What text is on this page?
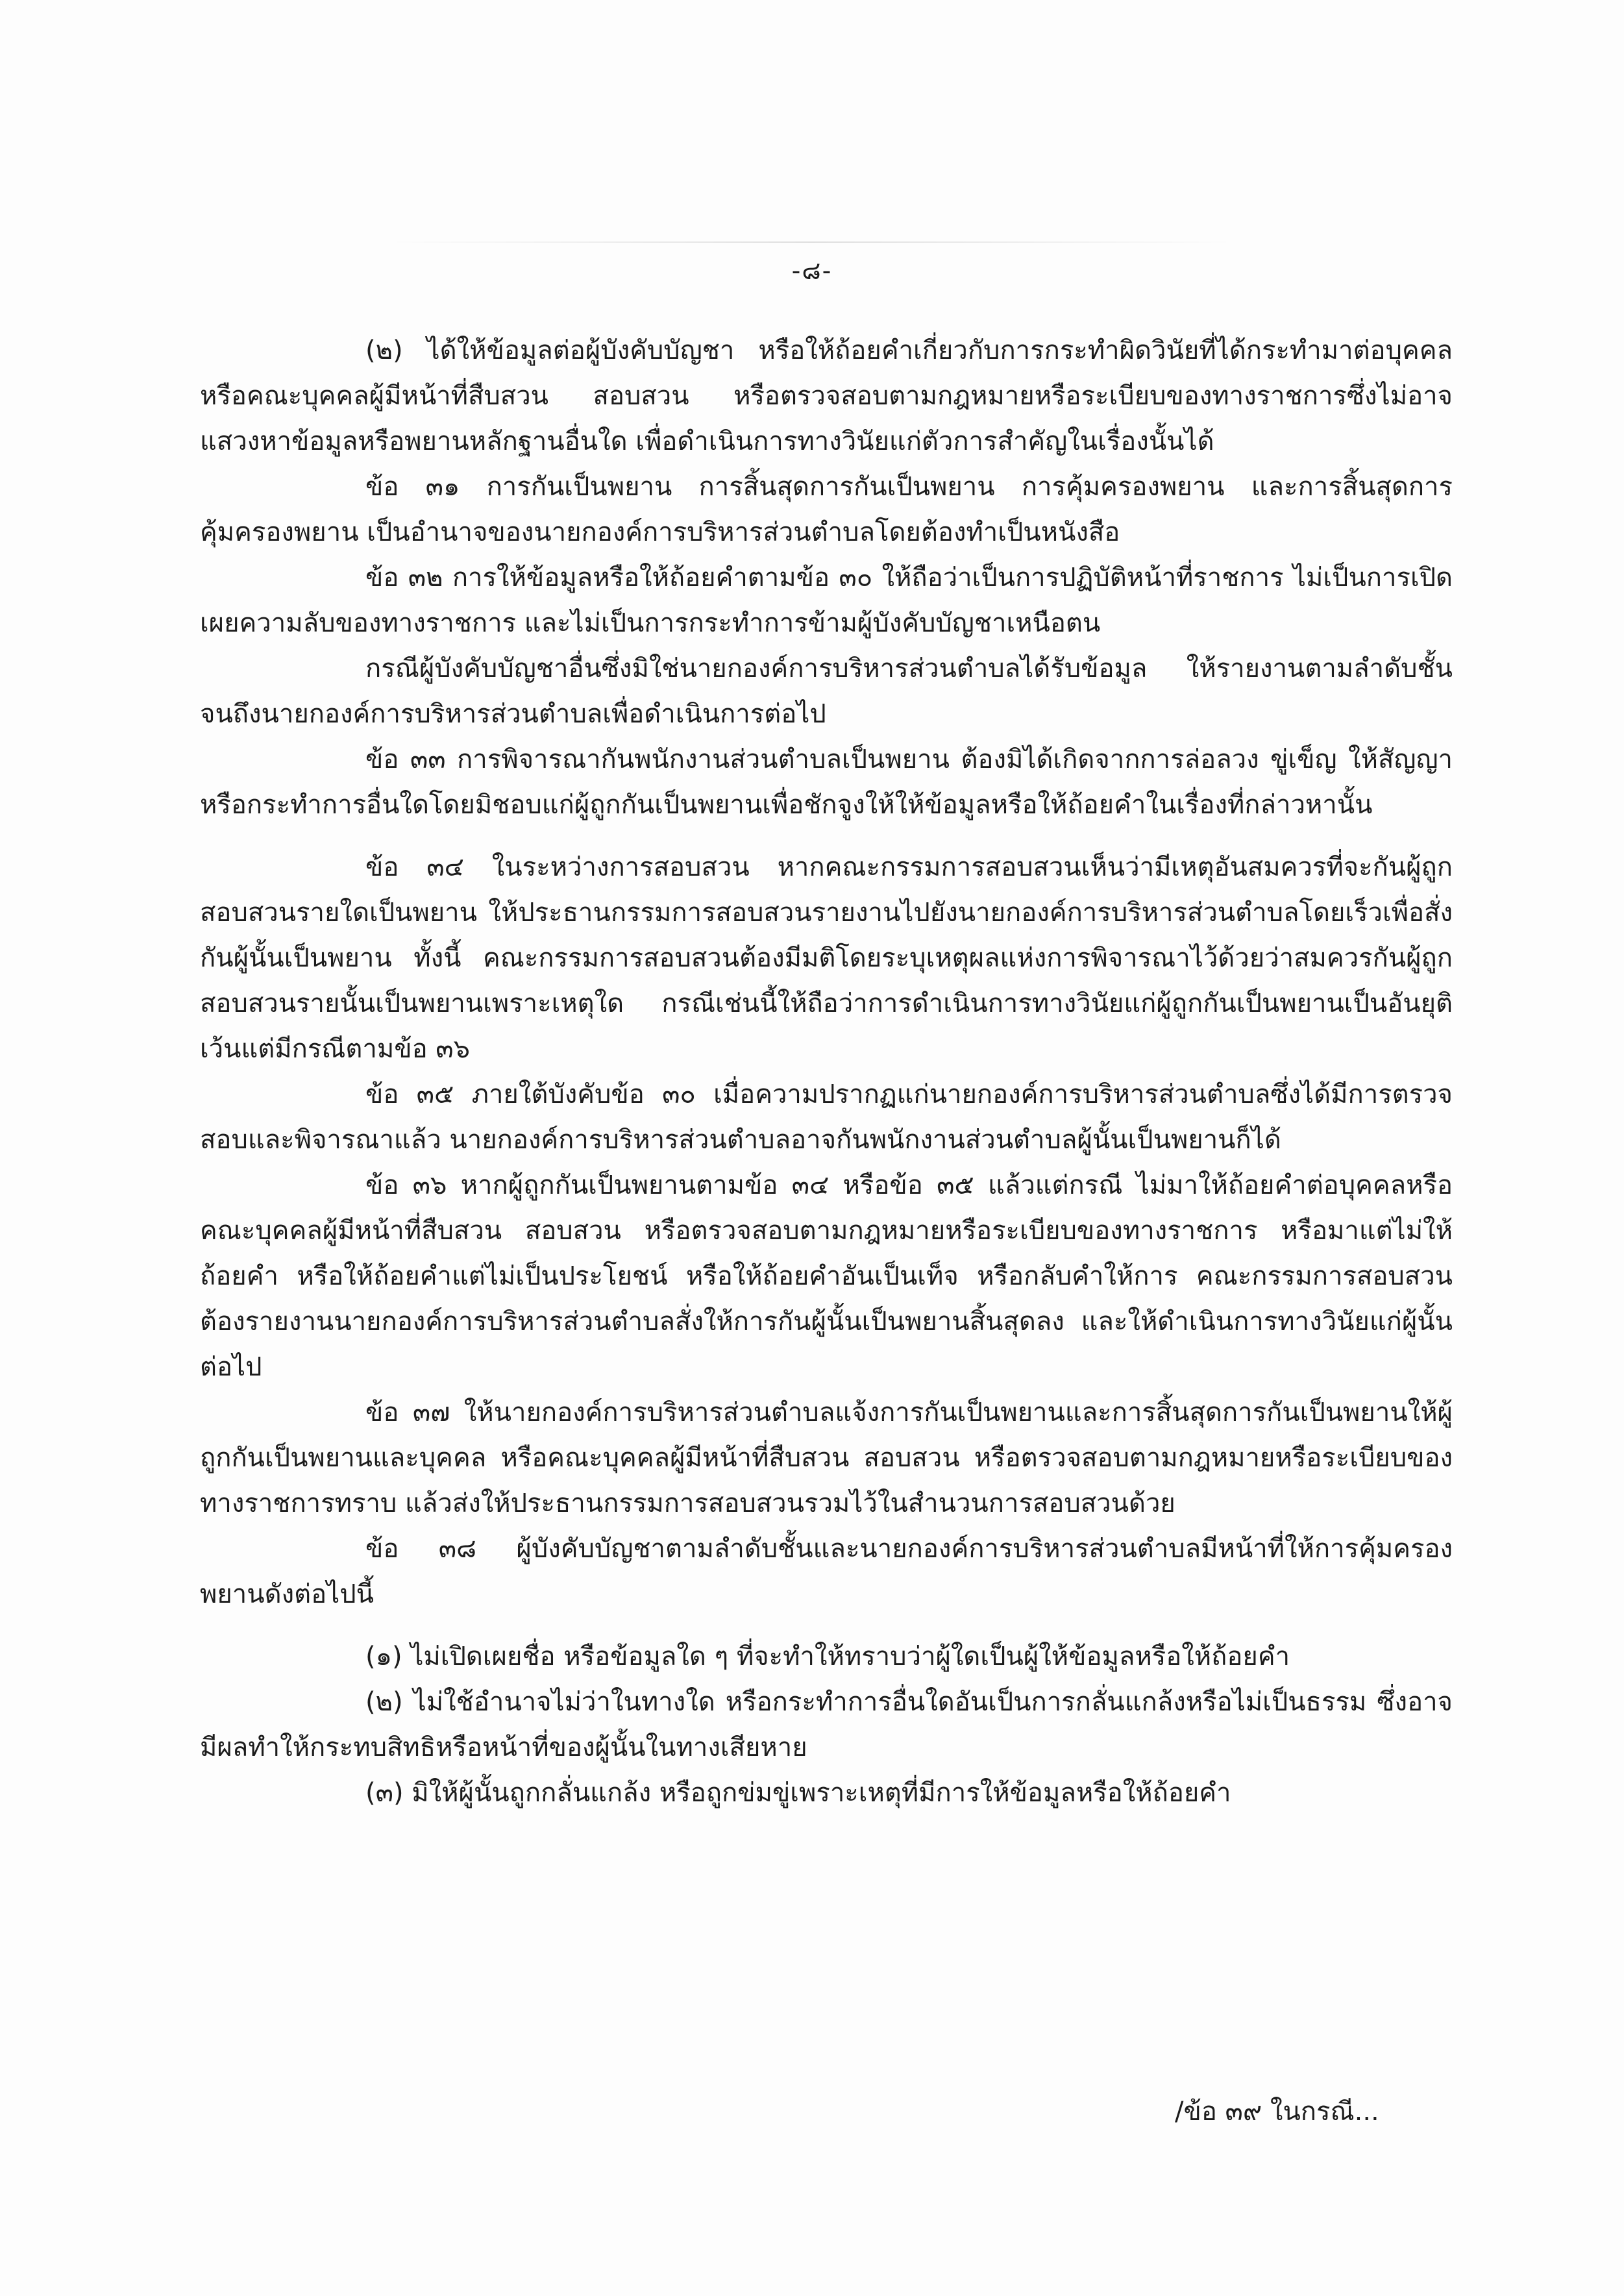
-๘-

(๒) ได้ให้ข้อมูลต่อผู้บังคับบัญชา หรือให้ถ้อยคำเกี่ยวกับการกระทำผิดวินัยที่ได้กระทำมาต่อบุคคลหรือคณะบุคคลผู้มีหน้าที่สืบสวน สอบสวน หรือตรวจสอบตามกฎหมายหรือระเบียบของทางราชการซึ่งไม่อาจแสวงหาข้อมูลหรือพยานหลักฐานอื่นใด เพื่อดำเนินการทางวินัยแก่ตัวการสำคัญในเรื่องนั้นได้

ข้อ ๓๑ การกันเป็นพยาน การสิ้นสุดการกันเป็นพยาน การคุ้มครองพยาน และการสิ้นสุดการคุ้มครองพยาน เป็นอำนาจของนายกองค์การบริหารส่วนตำบลโดยต้องทำเป็นหนังสือ

ข้อ ๓๒ การให้ข้อมูลหรือให้ถ้อยคำตามข้อ ๓๐ ให้ถือว่าเป็นการปฏิบัติหน้าที่ราชการ ไม่เป็นการเปิดเผยความลับของทางราชการ และไม่เป็นการกระทำการข้ามผู้บังคับบัญชาเหนือตน

กรณีผู้บังคับบัญชาอื่นซึ่งมิใช่นายกองค์การบริหารส่วนตำบลได้รับข้อมูล ให้รายงานตามลำดับชั้นจนถึงนายกองค์การบริหารส่วนตำบลเพื่อดำเนินการต่อไป

ข้อ ๓๓ การพิจารณากันพนักงานส่วนตำบลเป็นพยาน ต้องมิได้เกิดจากการล่อลวง ขู่เข็ญ ให้สัญญา หรือกระทำการอื่นใดโดยมิชอบแก่ผู้ถูกกันเป็นพยานเพื่อชักจูงให้ให้ข้อมูลหรือให้ถ้อยคำในเรื่องที่กล่าวหานั้น

ข้อ ๓๔ ในระหว่างการสอบสวน หากคณะกรรมการสอบสวนเห็นว่ามีเหตุอันสมควรที่จะกันผู้ถูกสอบสวนรายใดเป็นพยาน ให้ประธานกรรมการสอบสวนรายงานไปยังนายกองค์การบริหารส่วนตำบลโดยเร็วเพื่อสั่งกันผู้นั้นเป็นพยาน ทั้งนี้ คณะกรรมการสอบสวนต้องมีมติโดยระบุเหตุผลแห่งการพิจารณาไว้ด้วยว่าสมควรกันผู้ถูกสอบสวนรายนั้นเป็นพยานเพราะเหตุใด กรณีเช่นนี้ให้ถือว่าการดำเนินการทางวินัยแก่ผู้ถูกกันเป็นพยานเป็นอันยุติ เว้นแต่มีกรณีตามข้อ ๓๖

ข้อ ๓๕ ภายใต้บังคับข้อ ๓๐ เมื่อความปรากฏแก่นายกองค์การบริหารส่วนตำบลซึ่งได้มีการตรวจสอบและพิจารณาแล้ว นายกองค์การบริหารส่วนตำบลอาจกันพนักงานส่วนตำบลผู้นั้นเป็นพยานก็ได้

ข้อ ๓๖ หากผู้ถูกกันเป็นพยานตามข้อ ๓๔ หรือข้อ ๓๕ แล้วแต่กรณี ไม่มาให้ถ้อยคำต่อบุคคลหรือคณะบุคคลผู้มีหน้าที่สืบสวน สอบสวน หรือตรวจสอบตามกฎหมายหรือระเบียบของทางราชการ หรือมาแต่ไม่ให้ถ้อยคำ หรือให้ถ้อยคำแต่ไม่เป็นประโยชน์ หรือให้ถ้อยคำอันเป็นเท็จ หรือกลับคำให้การ คณะกรรมการสอบสวนต้องรายงานนายกองค์การบริหารส่วนตำบลสั่งให้การกันผู้นั้นเป็นพยานสิ้นสุดลง และให้ดำเนินการทางวินัยแก่ผู้นั้นต่อไป

ข้อ ๓๗ ให้นายกองค์การบริหารส่วนตำบลแจ้งการกันเป็นพยานและการสิ้นสุดการกันเป็นพยานให้ผู้ถูกกันเป็นพยานและบุคคล หรือคณะบุคคลผู้มีหน้าที่สืบสวน สอบสวน หรือตรวจสอบตามกฎหมายหรือระเบียบของทางราชการทราบ แล้วส่งให้ประธานกรรมการสอบสวนรวมไว้ในสำนวนการสอบสวนด้วย

ข้อ ๓๘ ผู้บังคับบัญชาตามลำดับชั้นและนายกองค์การบริหารส่วนตำบลมีหน้าที่ให้การคุ้มครองพยานดังต่อไปนี้

(๑) ไม่เปิดเผยชื่อ หรือข้อมูลใด ๆ ที่จะทำให้ทราบว่าผู้ใดเป็นผู้ให้ข้อมูลหรือให้ถ้อยคำ

(๒) ไม่ใช้อำนาจไม่ว่าในทางใด หรือกระทำการอื่นใดอันเป็นการกลั่นแกล้งหรือไม่เป็นธรรม ซึ่งอาจมีผลทำให้กระทบสิทธิหรือหน้าที่ของผู้นั้นในทางเสียหาย

(๓) มิให้ผู้นั้นถูกกลั่นแกล้ง หรือถูกข่มขู่เพราะเหตุที่มีการให้ข้อมูลหรือให้ถ้อยคำ

/ข้อ ๓๙ ในกรณี...
